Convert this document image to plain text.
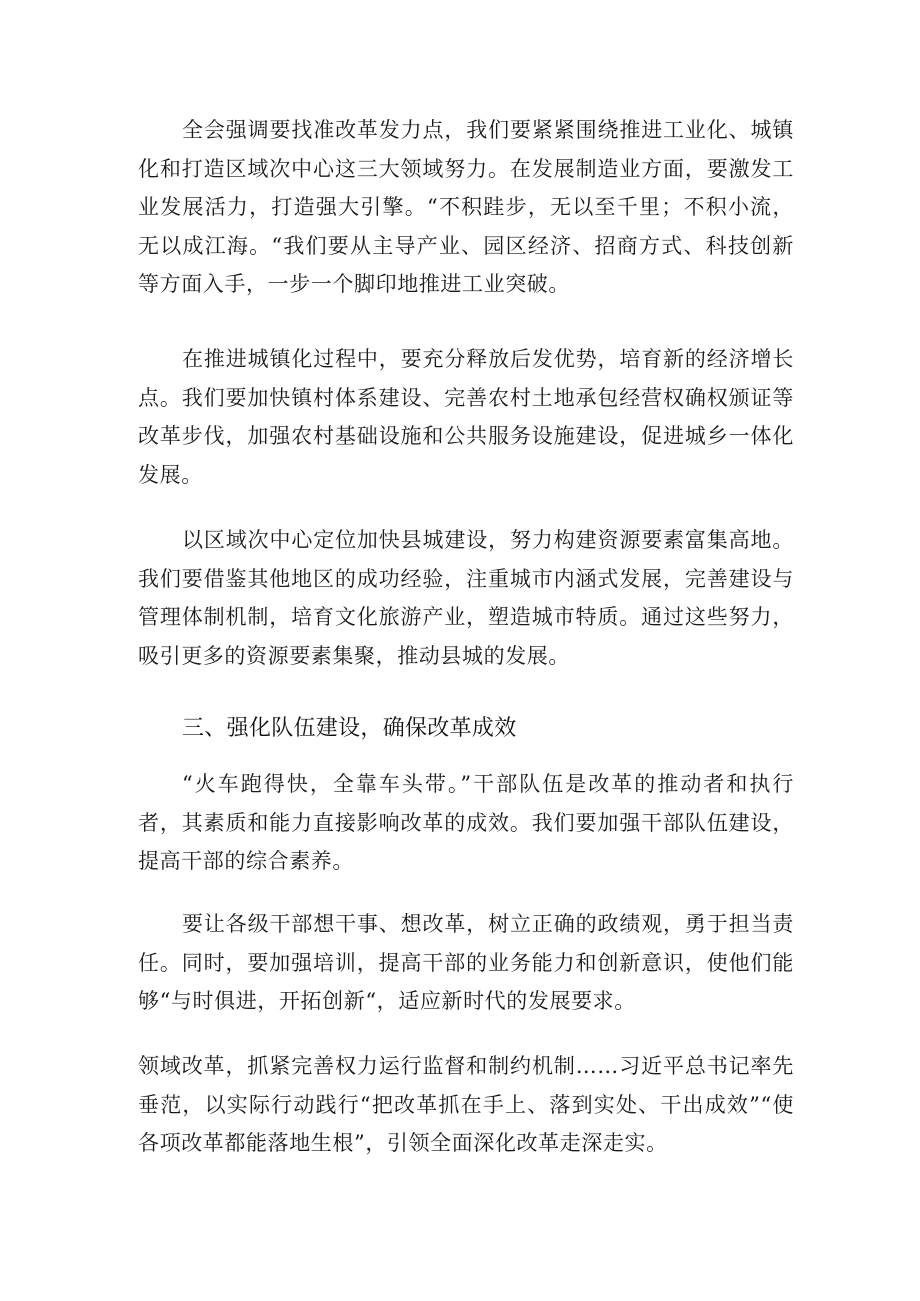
全会强调要找准改革发力点，我们要紧紧围绕推进工业化、城镇化和打造区域次中心这三大领域努力。在发展制造业方面，要激发工业发展活力，打造强大引擎。“不积跬步，无以至千里；不积小流，无以成江海。“我们要从主导产业、园区经济、招商方式、科技创新等方面入手，一步一个脚印地推进工业突破。

在推进城镇化过程中，要充分释放后发优势，培育新的经济增长点。我们要加快镇村体系建设、完善农村土地承包经营权确权颁证等改革步伐，加强农村基础设施和公共服务设施建设，促进城乡一体化发展。

以区域次中心定位加快县城建设，努力构建资源要素富集高地。我们要借鉴其他地区的成功经验，注重城市内涵式发展，完善建设与管理体制机制，培育文化旅游产业，塑造城市特质。通过这些努力，吸引更多的资源要素集聚，推动县城的发展。

三、强化队伍建设，确保改革成效

“火车跑得快，全靠车头带。”干部队伍是改革的推动者和执行者，其素质和能力直接影响改革的成效。我们要加强干部队伍建设，提高干部的综合素养。

要让各级干部想干事、想改革，树立正确的政绩观，勇于担当责任。同时，要加强培训，提高干部的业务能力和创新意识，使他们能够“与时俱进，开拓创新“，适应新时代的发展要求。

领域改革，抓紧完善权力运行监督和制约机制……习近平总书记率先垂范，以实际行动践行“把改革抓在手上、落到实处、干出成效”“使各项改革都能落地生根”，引领全面深化改革走深走实。
